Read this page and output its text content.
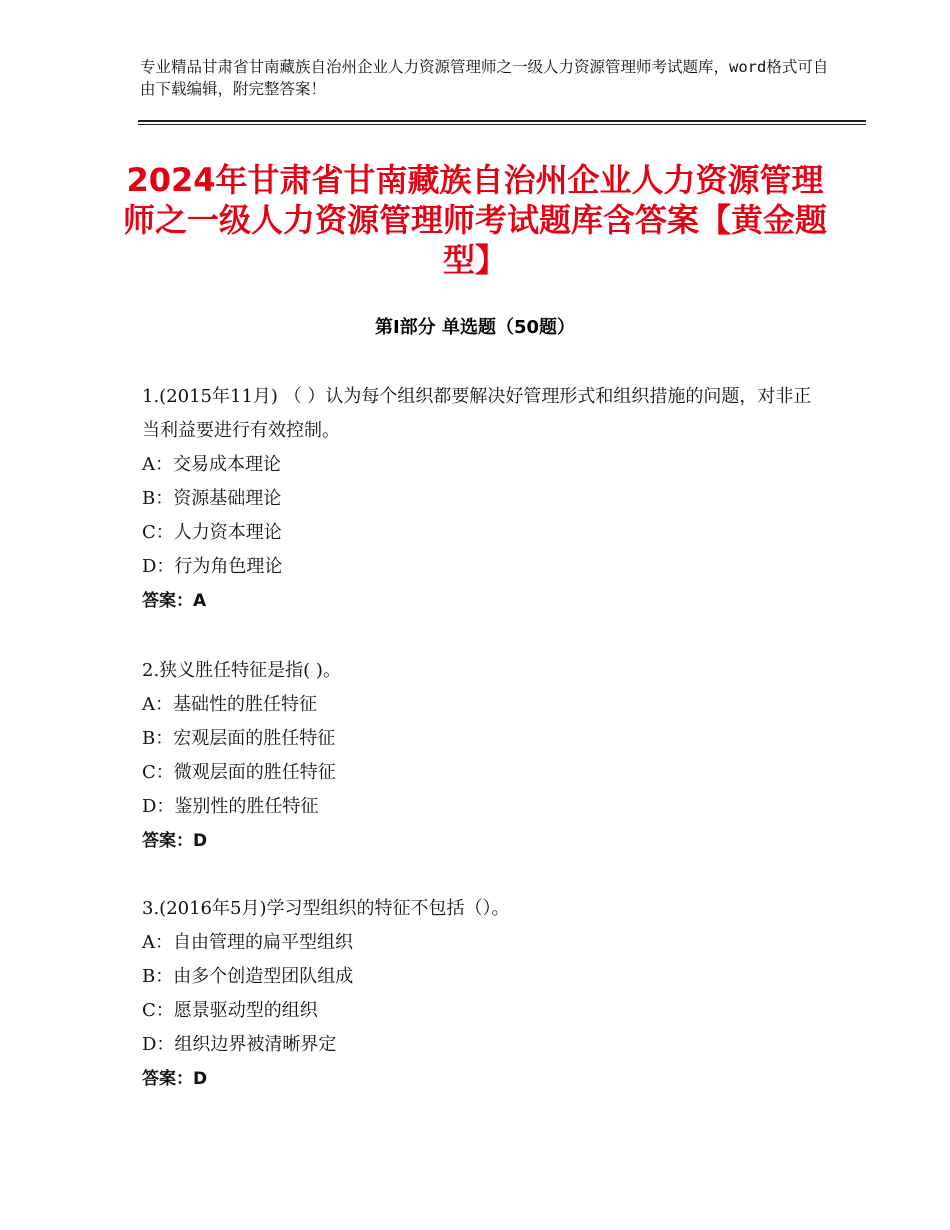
专业精品甘肃省甘南藏族自治州企业人力资源管理师之一级人力资源管理师考试题库，word格式可自由下载编辑，附完整答案！
2024年甘肃省甘南藏族自治州企业人力资源管理师之一级人力资源管理师考试题库含答案【黄金题型】
第Ⅰ部分 单选题（50题）
1.(2015年11月) （ ）认为每个组织都要解决好管理形式和组织措施的问题，对非正当利益要进行有效控制。
A：交易成本理论
B：资源基础理论
C：人力资本理论
D：行为角色理论
答案：A
2.狭义胜任特征是指( )。
A：基础性的胜任特征
B：宏观层面的胜任特征
C：微观层面的胜任特征
D：鉴别性的胜任特征
答案：D
3.(2016年5月)学习型组织的特征不包括（）。
A：自由管理的扁平型组织
B：由多个创造型团队组成
C：愿景驱动型的组织
D：组织边界被清晰界定
答案：D
